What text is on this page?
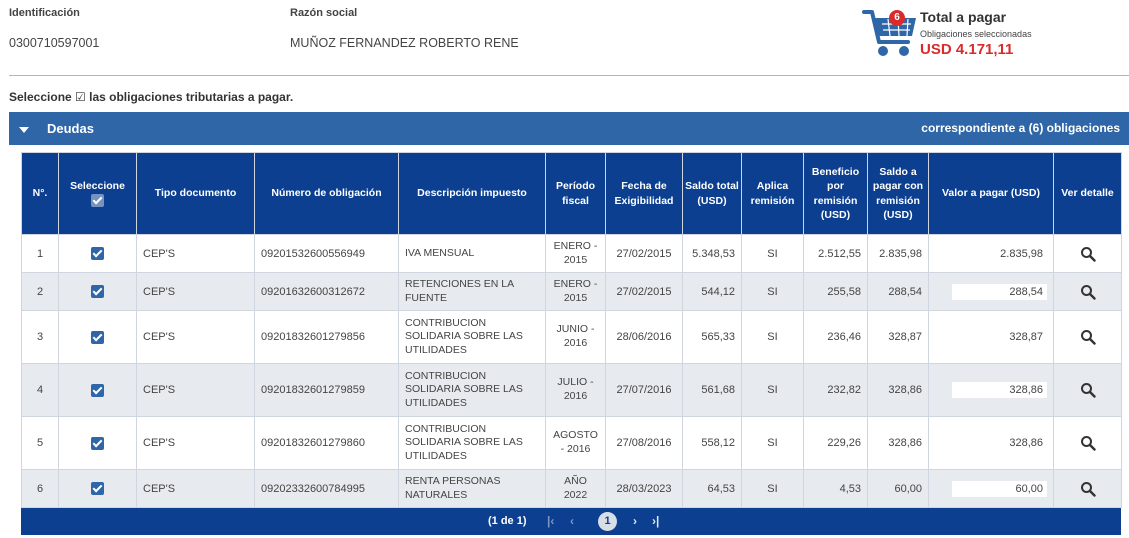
Identificación
0300710597001
Razón social
MUÑOZ FERNANDEZ ROBERTO RENE
6	Total a pagar
Obligaciones seleccionadas
USD 4.171,11
Seleccione ☑ las obligaciones tributarias a pagar.
Deudas	correspondiente a (6) obligaciones
N°.	Seleccione	Tipo documento	Número de obligación	Descripción impuesto	Período fiscal	Fecha de Exigibilidad	Saldo total (USD)	Aplica remisión	Beneficio por remisión (USD)	Saldo a pagar con remisión (USD)	Valor a pagar (USD)	Ver detalle
1		CEP'S	09201532600556949	IVA MENSUAL	ENERO - 2015	27/02/2015	5.348,53	SI	2.512,55	2.835,98	2.835,98	
2		CEP'S	09201632600312672	RETENCIONES EN LA FUENTE	ENERO - 2015	27/02/2015	544,12	SI	255,58	288,54	288,54	
3		CEP'S	09201832601279856	CONTRIBUCION SOLIDARIA SOBRE LAS UTILIDADES	JUNIO - 2016	28/06/2016	565,33	SI	236,46	328,87	328,87	
4		CEP'S	09201832601279859	CONTRIBUCION SOLIDARIA SOBRE LAS UTILIDADES	JULIO - 2016	27/07/2016	561,68	SI	232,82	328,86	328,86	
5		CEP'S	09201832601279860	CONTRIBUCION SOLIDARIA SOBRE LAS UTILIDADES	AGOSTO - 2016	27/08/2016	558,12	SI	229,26	328,86	328,86	
6		CEP'S	09202332600784995	RENTA PERSONAS NATURALES	AÑO 2022	28/03/2023	64,53	SI	4,53	60,00	60,00	
(1 de 1) |‹ ‹	1	› ›|
